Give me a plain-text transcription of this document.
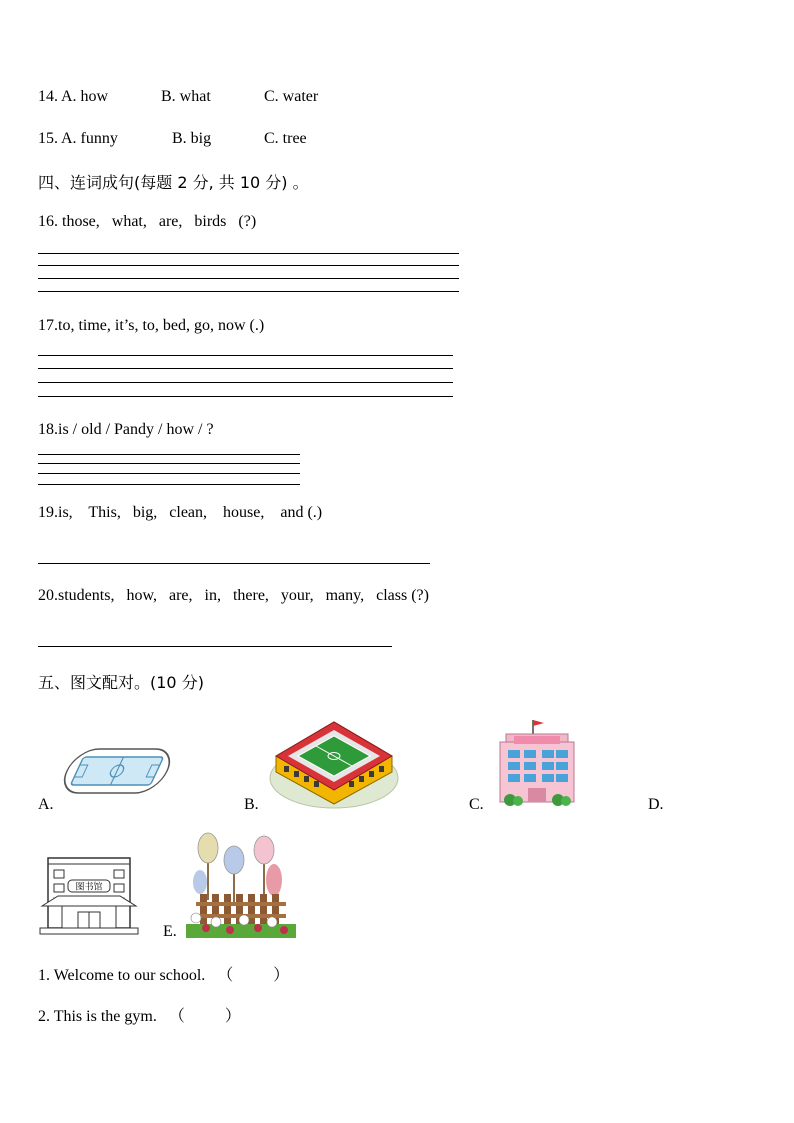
14. A. how	B. what	C. water
15. A. funny	B. big	C. tree
四、连词成句(每题 2 分, 共 10 分) 。
16. those,   what,   are,   birds   (?)
17.to, time, it’s, to, bed, go, now (.)
18.is / old / Pandy / how / ?
19.is,    This,   big,   clean,    house,    and (.)
20.students,   how,   are,   in,   there,   your,   many,   class (?)
五、图文配对。(10 分)
A.	B.	C.	D.
图书馆
E.
1. Welcome to our school. （          ）
2. This is the gym. （          ）
